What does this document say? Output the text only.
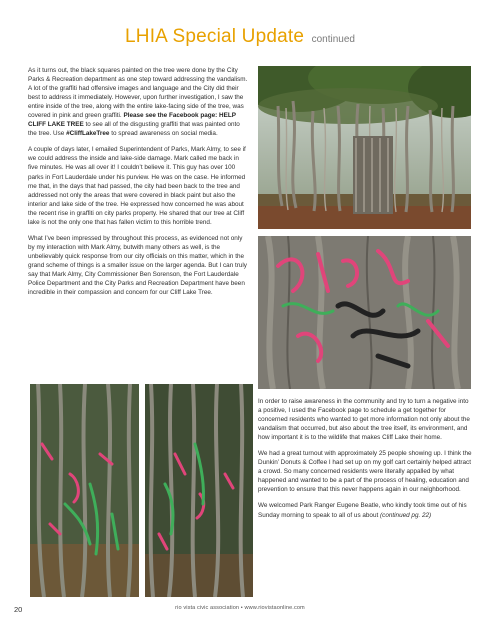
LHIA Special Update continued

As it turns out, the black squares painted on the tree were done by the City Parks & Recreation department as one step toward addressing the vandalism. A lot of the graffiti had offensive images and language and the City did their best to address it immediately. However, upon further investigation, I saw the entire inside of the tree, along with the entire lake-facing side of the tree, was covered in pink and green graffiti. Please see the Facebook page: HELP CLIFF LAKE TREE to see all of the disgusting graffiti that was painted onto the tree. Use #CliffLakeTree to spread awareness on social media.

A couple of days later, I emailed Superintendent of Parks, Mark Almy, to see if we could address the inside and lake-side damage. Mark called me back in five minutes. He was all over it! I couldn’t believe it. This guy has over 100 parks in Fort Lauderdale under his purview. He was on the case. He informed me that, in the days that had passed, the city had been back to the tree and addressed not only the areas that were covered in black paint but also the interior and lake side of the tree. He expressed how concerned he was about the recent rise in graffiti on city parks property. He shared that our tree at Cliff lake is not the only one that has fallen victim to this horrible trend.

What I’ve been impressed by throughout this process, as evidenced not only by my interaction with Mark Almy, butwith many others as well, is the unbelievably quick response from our city officials on this matter, which in the grand scheme of things is a smaller issue on the larger agenda. But I can truly say that Mark Almy, City Commissioner Ben Sorenson, the Fort Lauderdale Police Department and the City Parks and Recreation Department have been incredible in their compassion and concern for our Cliff Lake Tree.

In order to raise awareness in the community and try to turn a negative into a positive, I used the Facebook page to schedule a get together for concerned residents who wanted to get more information not only about the vandalism that occurred, but also about the tree itself, its environment, and how important it is to the wildlife that makes Cliff Lake their home.

We had a great turnout with approximately 25 people showing up. I think the Dunkin’ Donuts & Coffee I had set up on my golf cart certainly helped attract a crowd. So many concerned residents were literally appalled by what happened and wanted to be a part of the process of healing, education and prevention to ensure that this never happens again in our neighborhood.

We welcomed Park Ranger Eugene Beatle, who kindly took time out of his Sunday morning to speak to all of us about (continued pg. 22)

20	rio vista civic association • www.riovistaonline.com
